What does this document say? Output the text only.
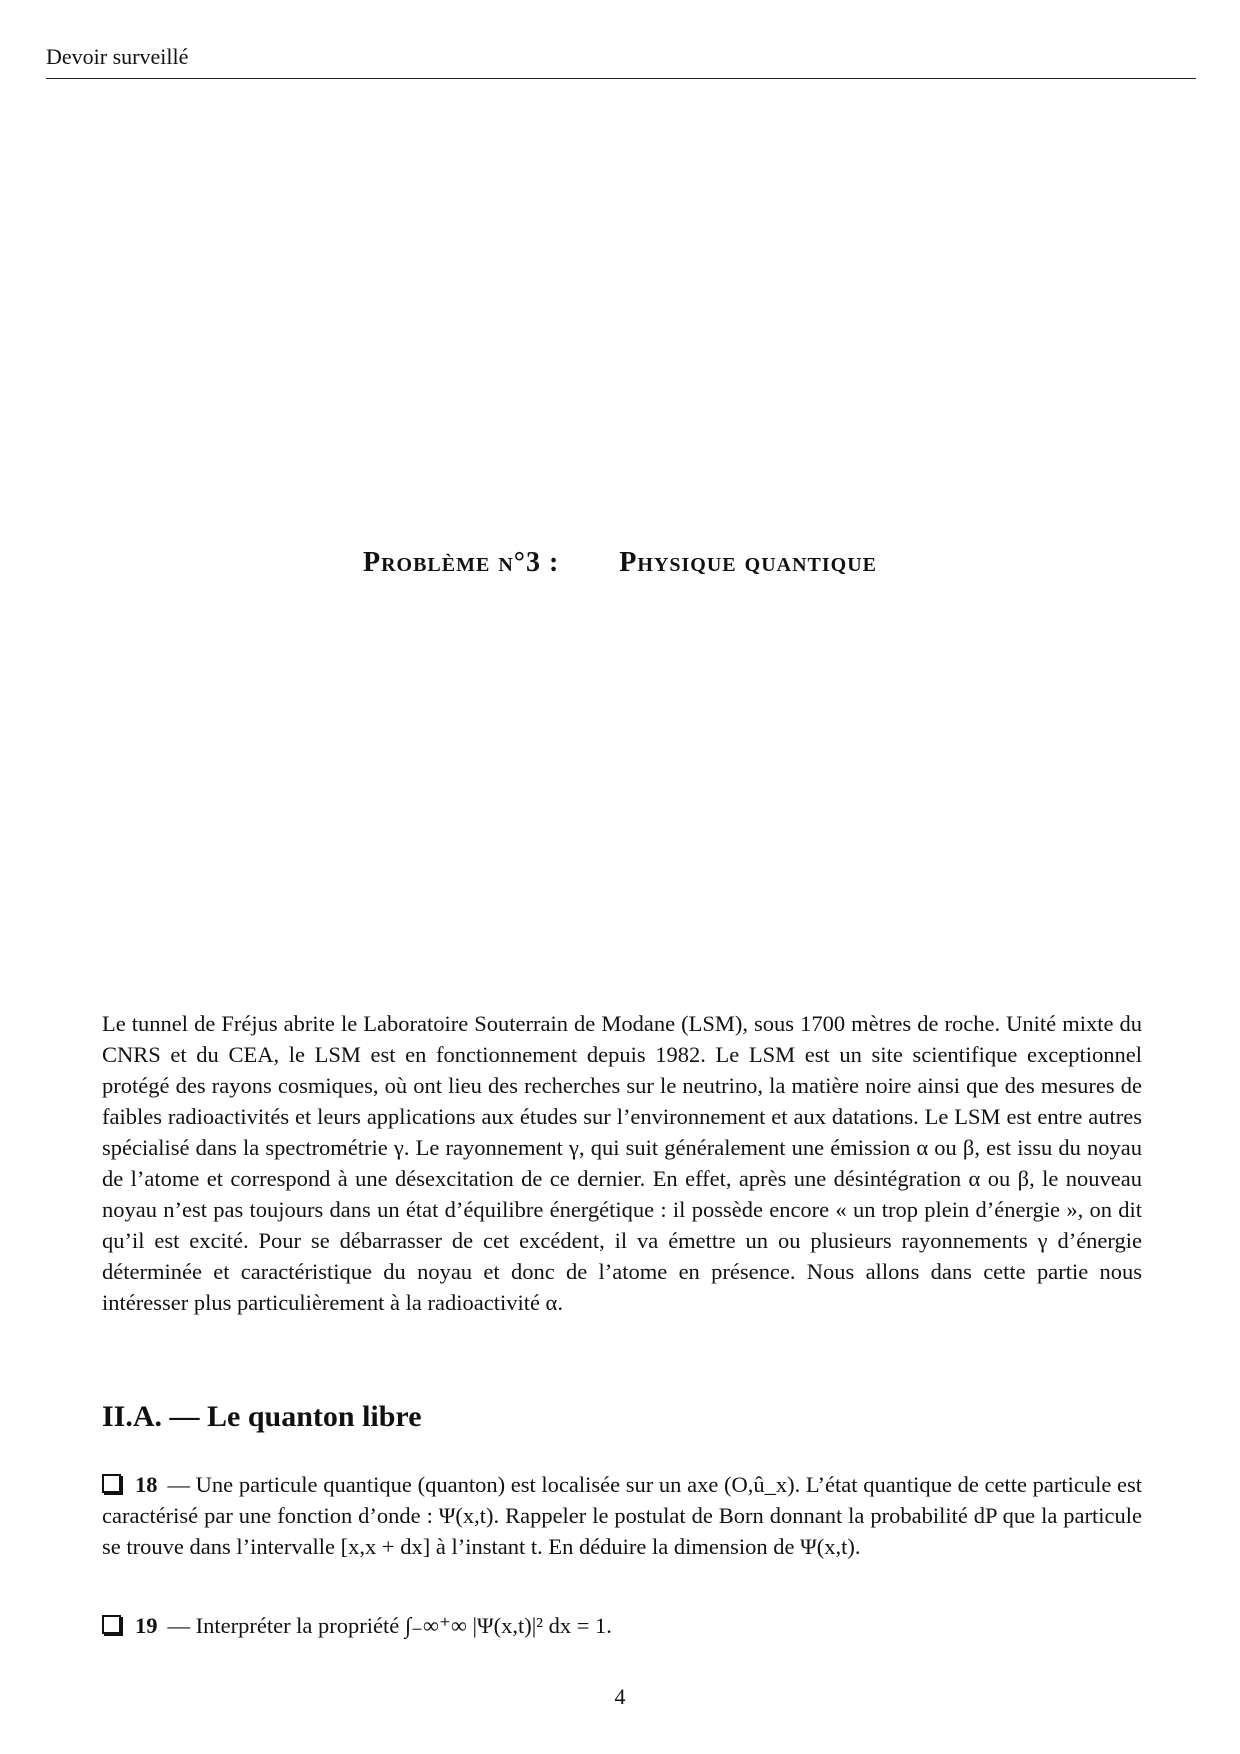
Devoir surveillé
Problème n°3 : Physique quantique
Le tunnel de Fréjus abrite le Laboratoire Souterrain de Modane (LSM), sous 1700 mètres de roche. Unité mixte du CNRS et du CEA, le LSM est en fonctionnement depuis 1982. Le LSM est un site scientifique exceptionnel protégé des rayons cosmiques, où ont lieu des recherches sur le neutrino, la matière noire ainsi que des mesures de faibles radioactivités et leurs applications aux études sur l’environnement et aux datations. Le LSM est entre autres spécialisé dans la spectrométrie γ. Le rayonnement γ, qui suit généralement une émission α ou β, est issu du noyau de l’atome et correspond à une désexcitation de ce dernier. En effet, après une désintégration α ou β, le nouveau noyau n’est pas toujours dans un état d’équilibre énergétique : il possède encore « un trop plein d’énergie », on dit qu’il est excité. Pour se débarrasser de cet excédent, il va émettre un ou plusieurs rayonnements γ d’énergie déterminée et caractéristique du noyau et donc de l’atome en présence. Nous allons dans cette partie nous intéresser plus particulièrement à la radioactivité α.
II.A. — Le quanton libre
18 — Une particule quantique (quanton) est localisée sur un axe (O,û_x). L’état quantique de cette particule est caractérisé par une fonction d’onde : Ψ(x,t). Rappeler le postulat de Born donnant la probabilité dP que la particule se trouve dans l’intervalle [x,x + dx] à l’instant t. En déduire la dimension de Ψ(x,t).
19 — Interpréter la propriété ∫₋∞⁺∞ |Ψ(x,t)|² dx = 1.
4
